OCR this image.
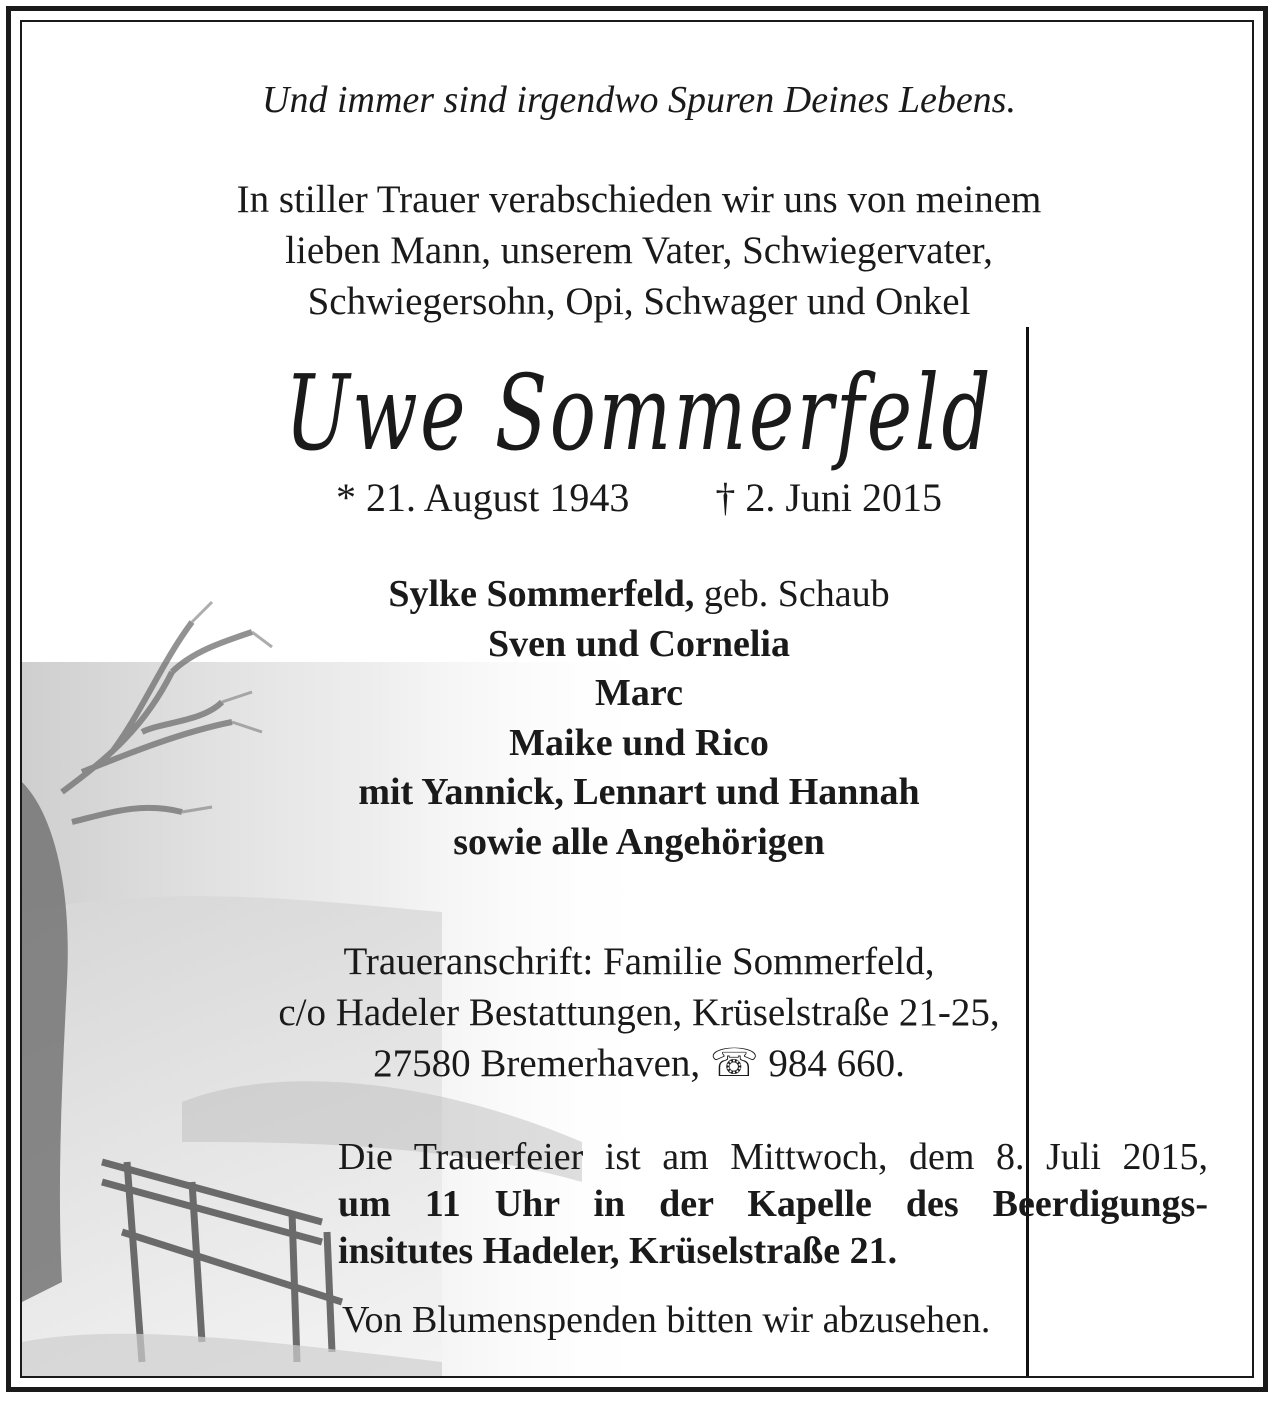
Und immer sind irgendwo Spuren Deines Lebens.
In stiller Trauer verabschieden wir uns von meinem
lieben Mann, unserem Vater, Schwiegervater,
Schwiegersohn, Opi, Schwager und Onkel
Uwe Sommerfeld
* 21. August 1943 † 2. Juni 2015
Sylke Sommerfeld, geb. Schaub
Sven und Cornelia
Marc
Maike und Rico
mit Yannick, Lennart und Hannah
sowie alle Angehörigen
Traueranschrift: Familie Sommerfeld,
c/o Hadeler Bestattungen, Krüselstraße 21-25,
27580 Bremerhaven, ☏ 984 660.
Die Trauerfeier ist am Mittwoch, dem 8. Juli 2015,
um 11 Uhr in der Kapelle des Beerdigungs-
insitutes Hadeler, Krüselstraße 21.
Von Blumenspenden bitten wir abzusehen.
